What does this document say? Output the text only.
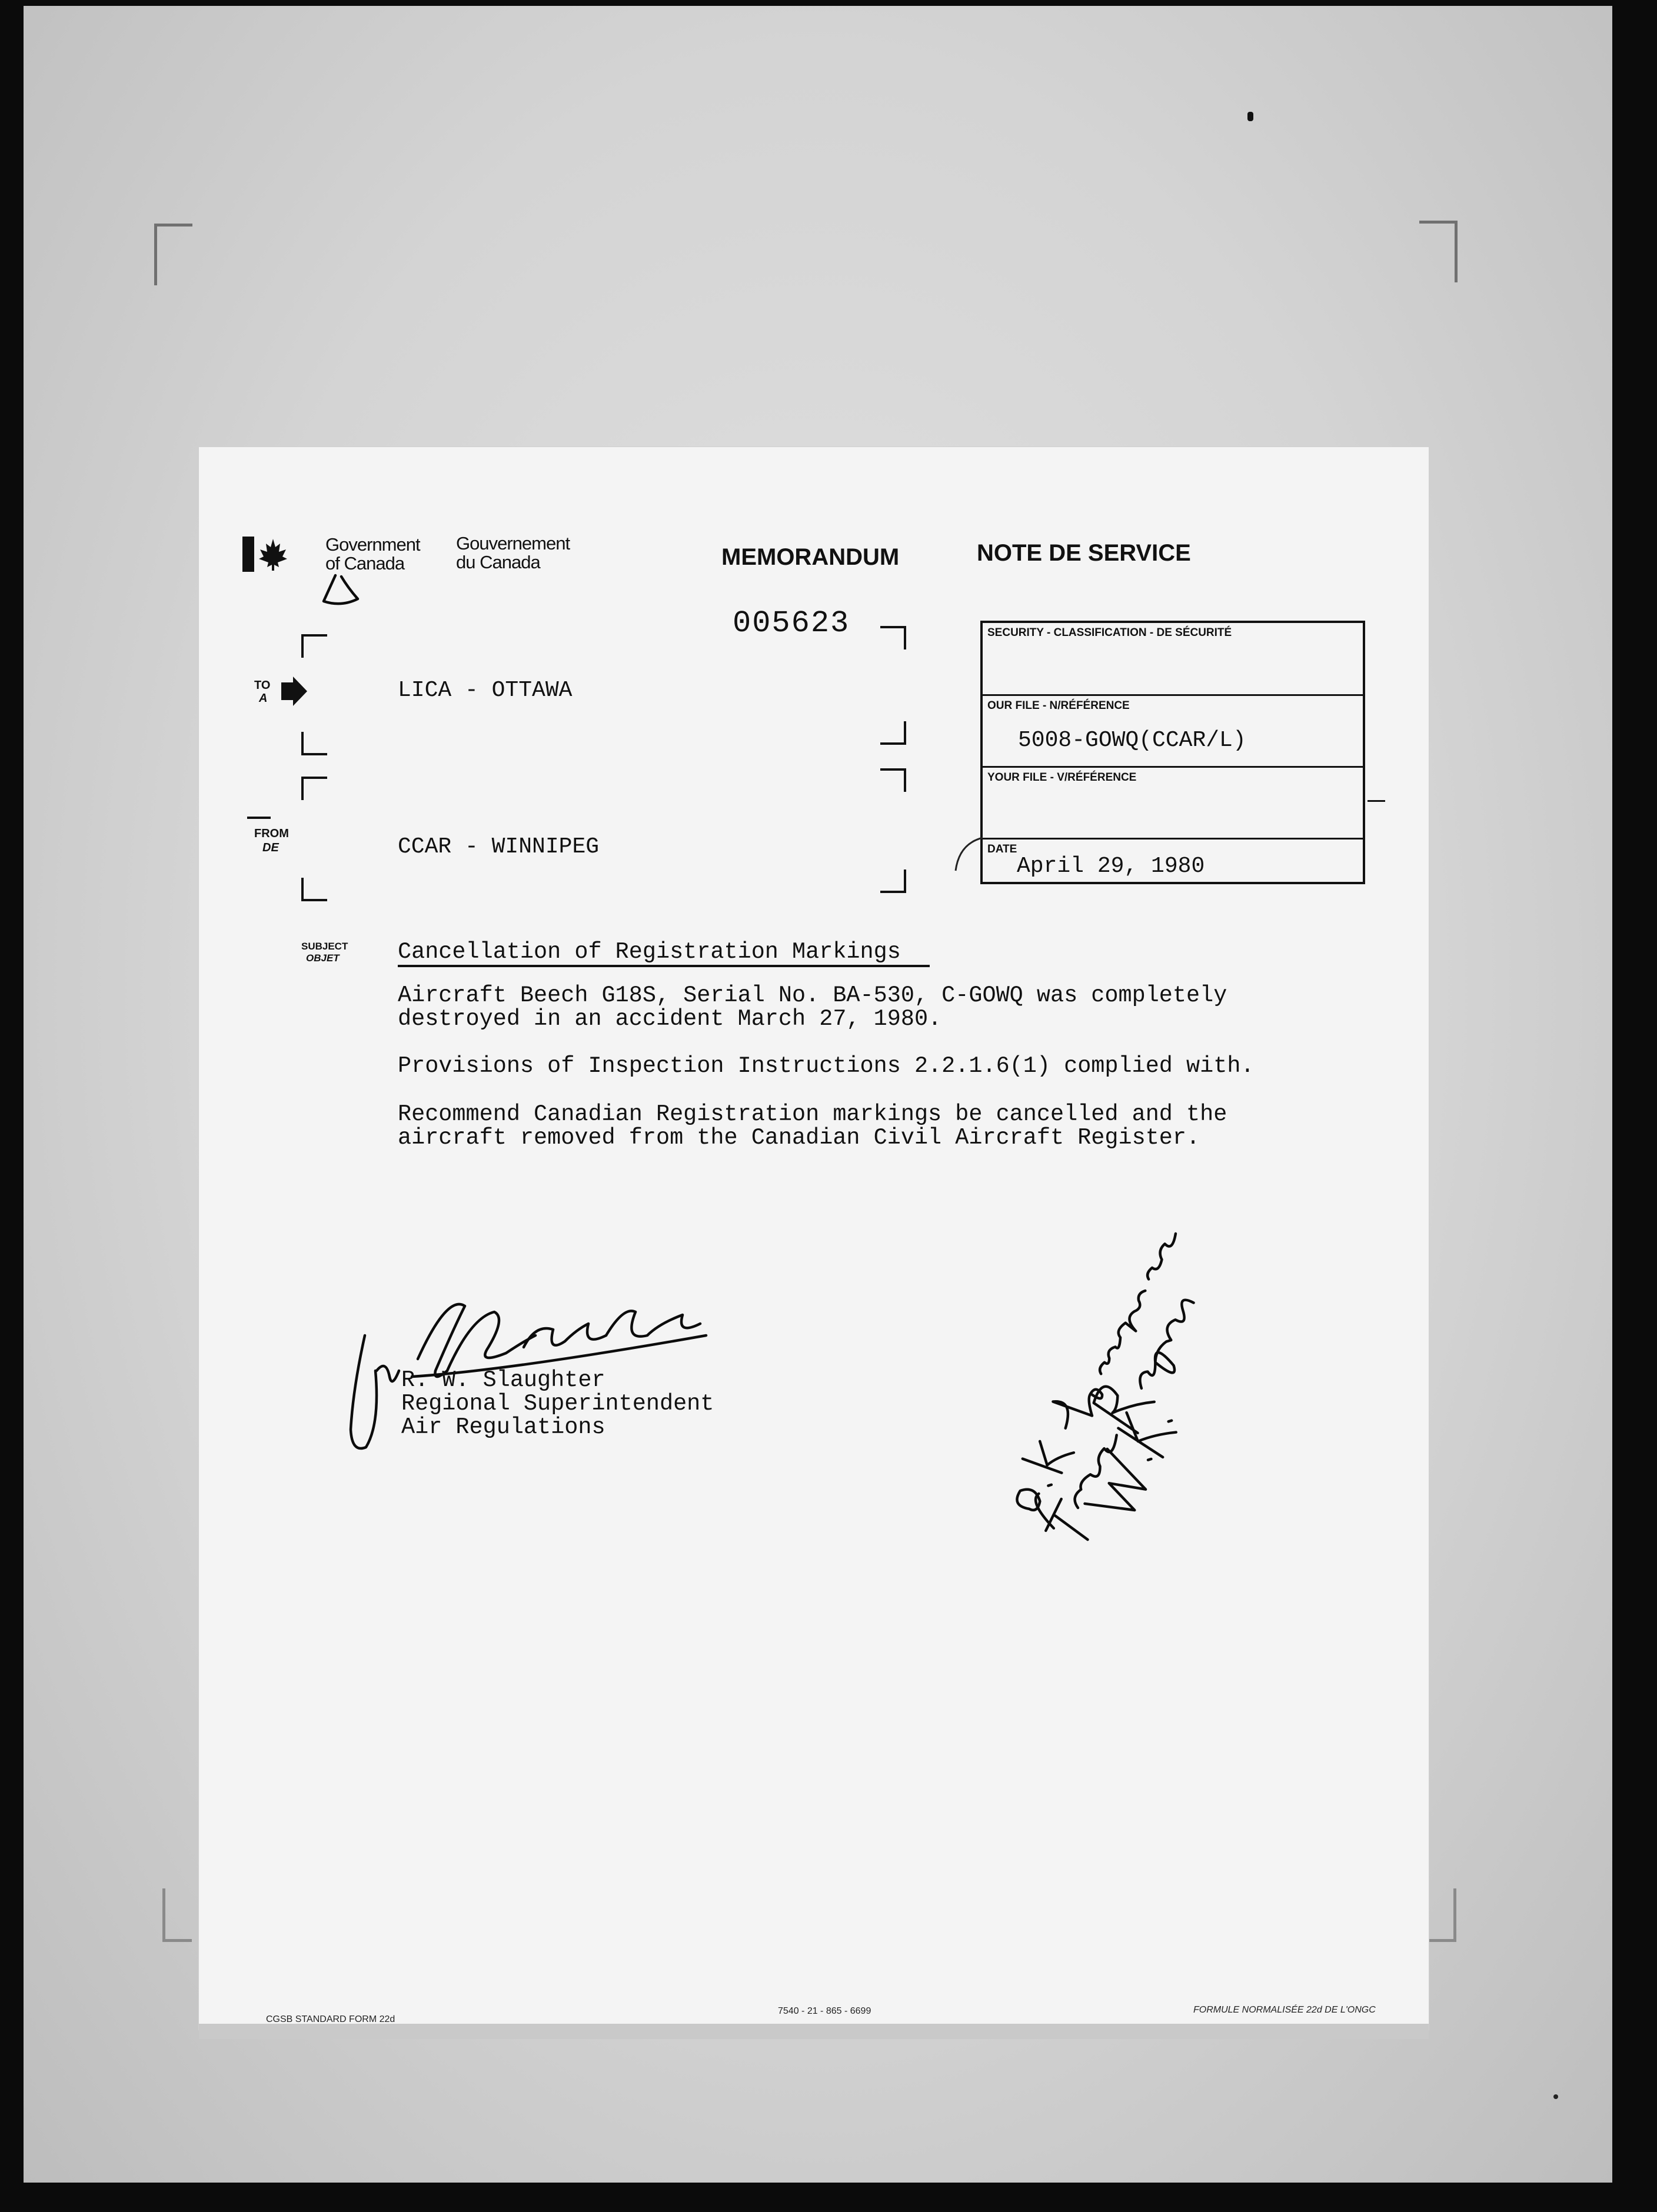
Government
of Canada
Gouvernement
du Canada	MEMORANDUM	NOTE DE SERVICE
005623
TO
A	LICA - OTTAWA
FROM
DE	CCAR - WINNIPEG
SECURITY - CLASSIFICATION - DE SÉCURITÉ
OUR FILE - N/RÉFÉRENCE
5008-GOWQ(CCAR/L)
YOUR FILE - V/RÉFÉRENCE
DATE
April 29, 1980
SUBJECT
OBJET	Cancellation of Registration Markings
Aircraft Beech G18S, Serial No. BA-530, C-GOWQ was completely
destroyed in an accident March 27, 1980.
Provisions of Inspection Instructions 2.2.1.6(1) complied with.
Recommend Canadian Registration markings be cancelled and the
aircraft removed from the Canadian Civil Aircraft Register.
R. W. Slaughter
Regional Superintendent
Air Regulations
CGSB STANDARD FORM 22d
7540 - 21 - 865 - 6699	FORMULE NORMALISÉE 22d DE L'ONGC
